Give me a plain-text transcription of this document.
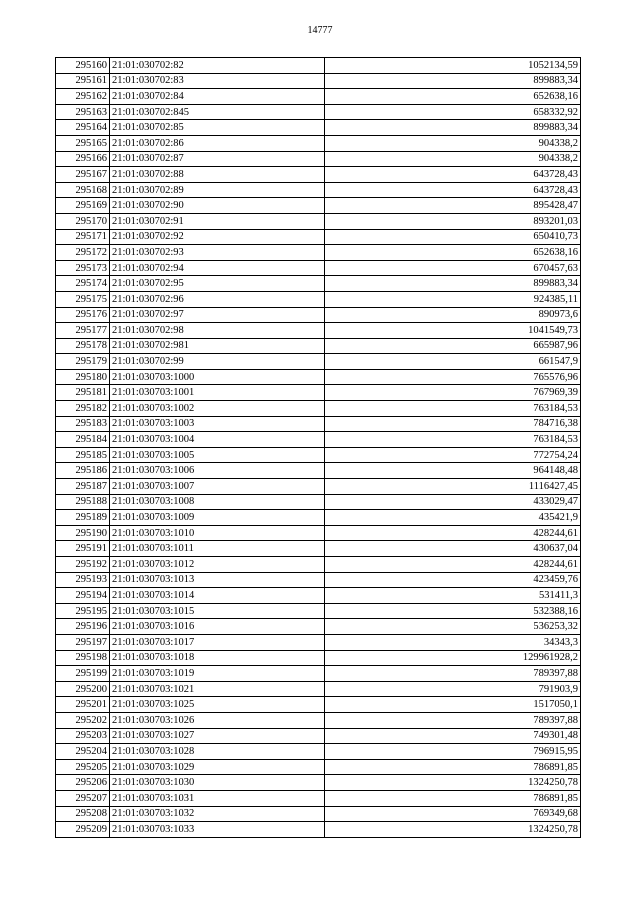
14777
295160	21:01:030702:82	1052134,59
295161	21:01:030702:83	899883,34
295162	21:01:030702:84	652638,16
295163	21:01:030702:845	658332,92
295164	21:01:030702:85	899883,34
295165	21:01:030702:86	904338,2
295166	21:01:030702:87	904338,2
295167	21:01:030702:88	643728,43
295168	21:01:030702:89	643728,43
295169	21:01:030702:90	895428,47
295170	21:01:030702:91	893201,03
295171	21:01:030702:92	650410,73
295172	21:01:030702:93	652638,16
295173	21:01:030702:94	670457,63
295174	21:01:030702:95	899883,34
295175	21:01:030702:96	924385,11
295176	21:01:030702:97	890973,6
295177	21:01:030702:98	1041549,73
295178	21:01:030702:981	665987,96
295179	21:01:030702:99	661547,9
295180	21:01:030703:1000	765576,96
295181	21:01:030703:1001	767969,39
295182	21:01:030703:1002	763184,53
295183	21:01:030703:1003	784716,38
295184	21:01:030703:1004	763184,53
295185	21:01:030703:1005	772754,24
295186	21:01:030703:1006	964148,48
295187	21:01:030703:1007	1116427,45
295188	21:01:030703:1008	433029,47
295189	21:01:030703:1009	435421,9
295190	21:01:030703:1010	428244,61
295191	21:01:030703:1011	430637,04
295192	21:01:030703:1012	428244,61
295193	21:01:030703:1013	423459,76
295194	21:01:030703:1014	531411,3
295195	21:01:030703:1015	532388,16
295196	21:01:030703:1016	536253,32
295197	21:01:030703:1017	34343,3
295198	21:01:030703:1018	129961928,2
295199	21:01:030703:1019	789397,88
295200	21:01:030703:1021	791903,9
295201	21:01:030703:1025	1517050,1
295202	21:01:030703:1026	789397,88
295203	21:01:030703:1027	749301,48
295204	21:01:030703:1028	796915,95
295205	21:01:030703:1029	786891,85
295206	21:01:030703:1030	1324250,78
295207	21:01:030703:1031	786891,85
295208	21:01:030703:1032	769349,68
295209	21:01:030703:1033	1324250,78
